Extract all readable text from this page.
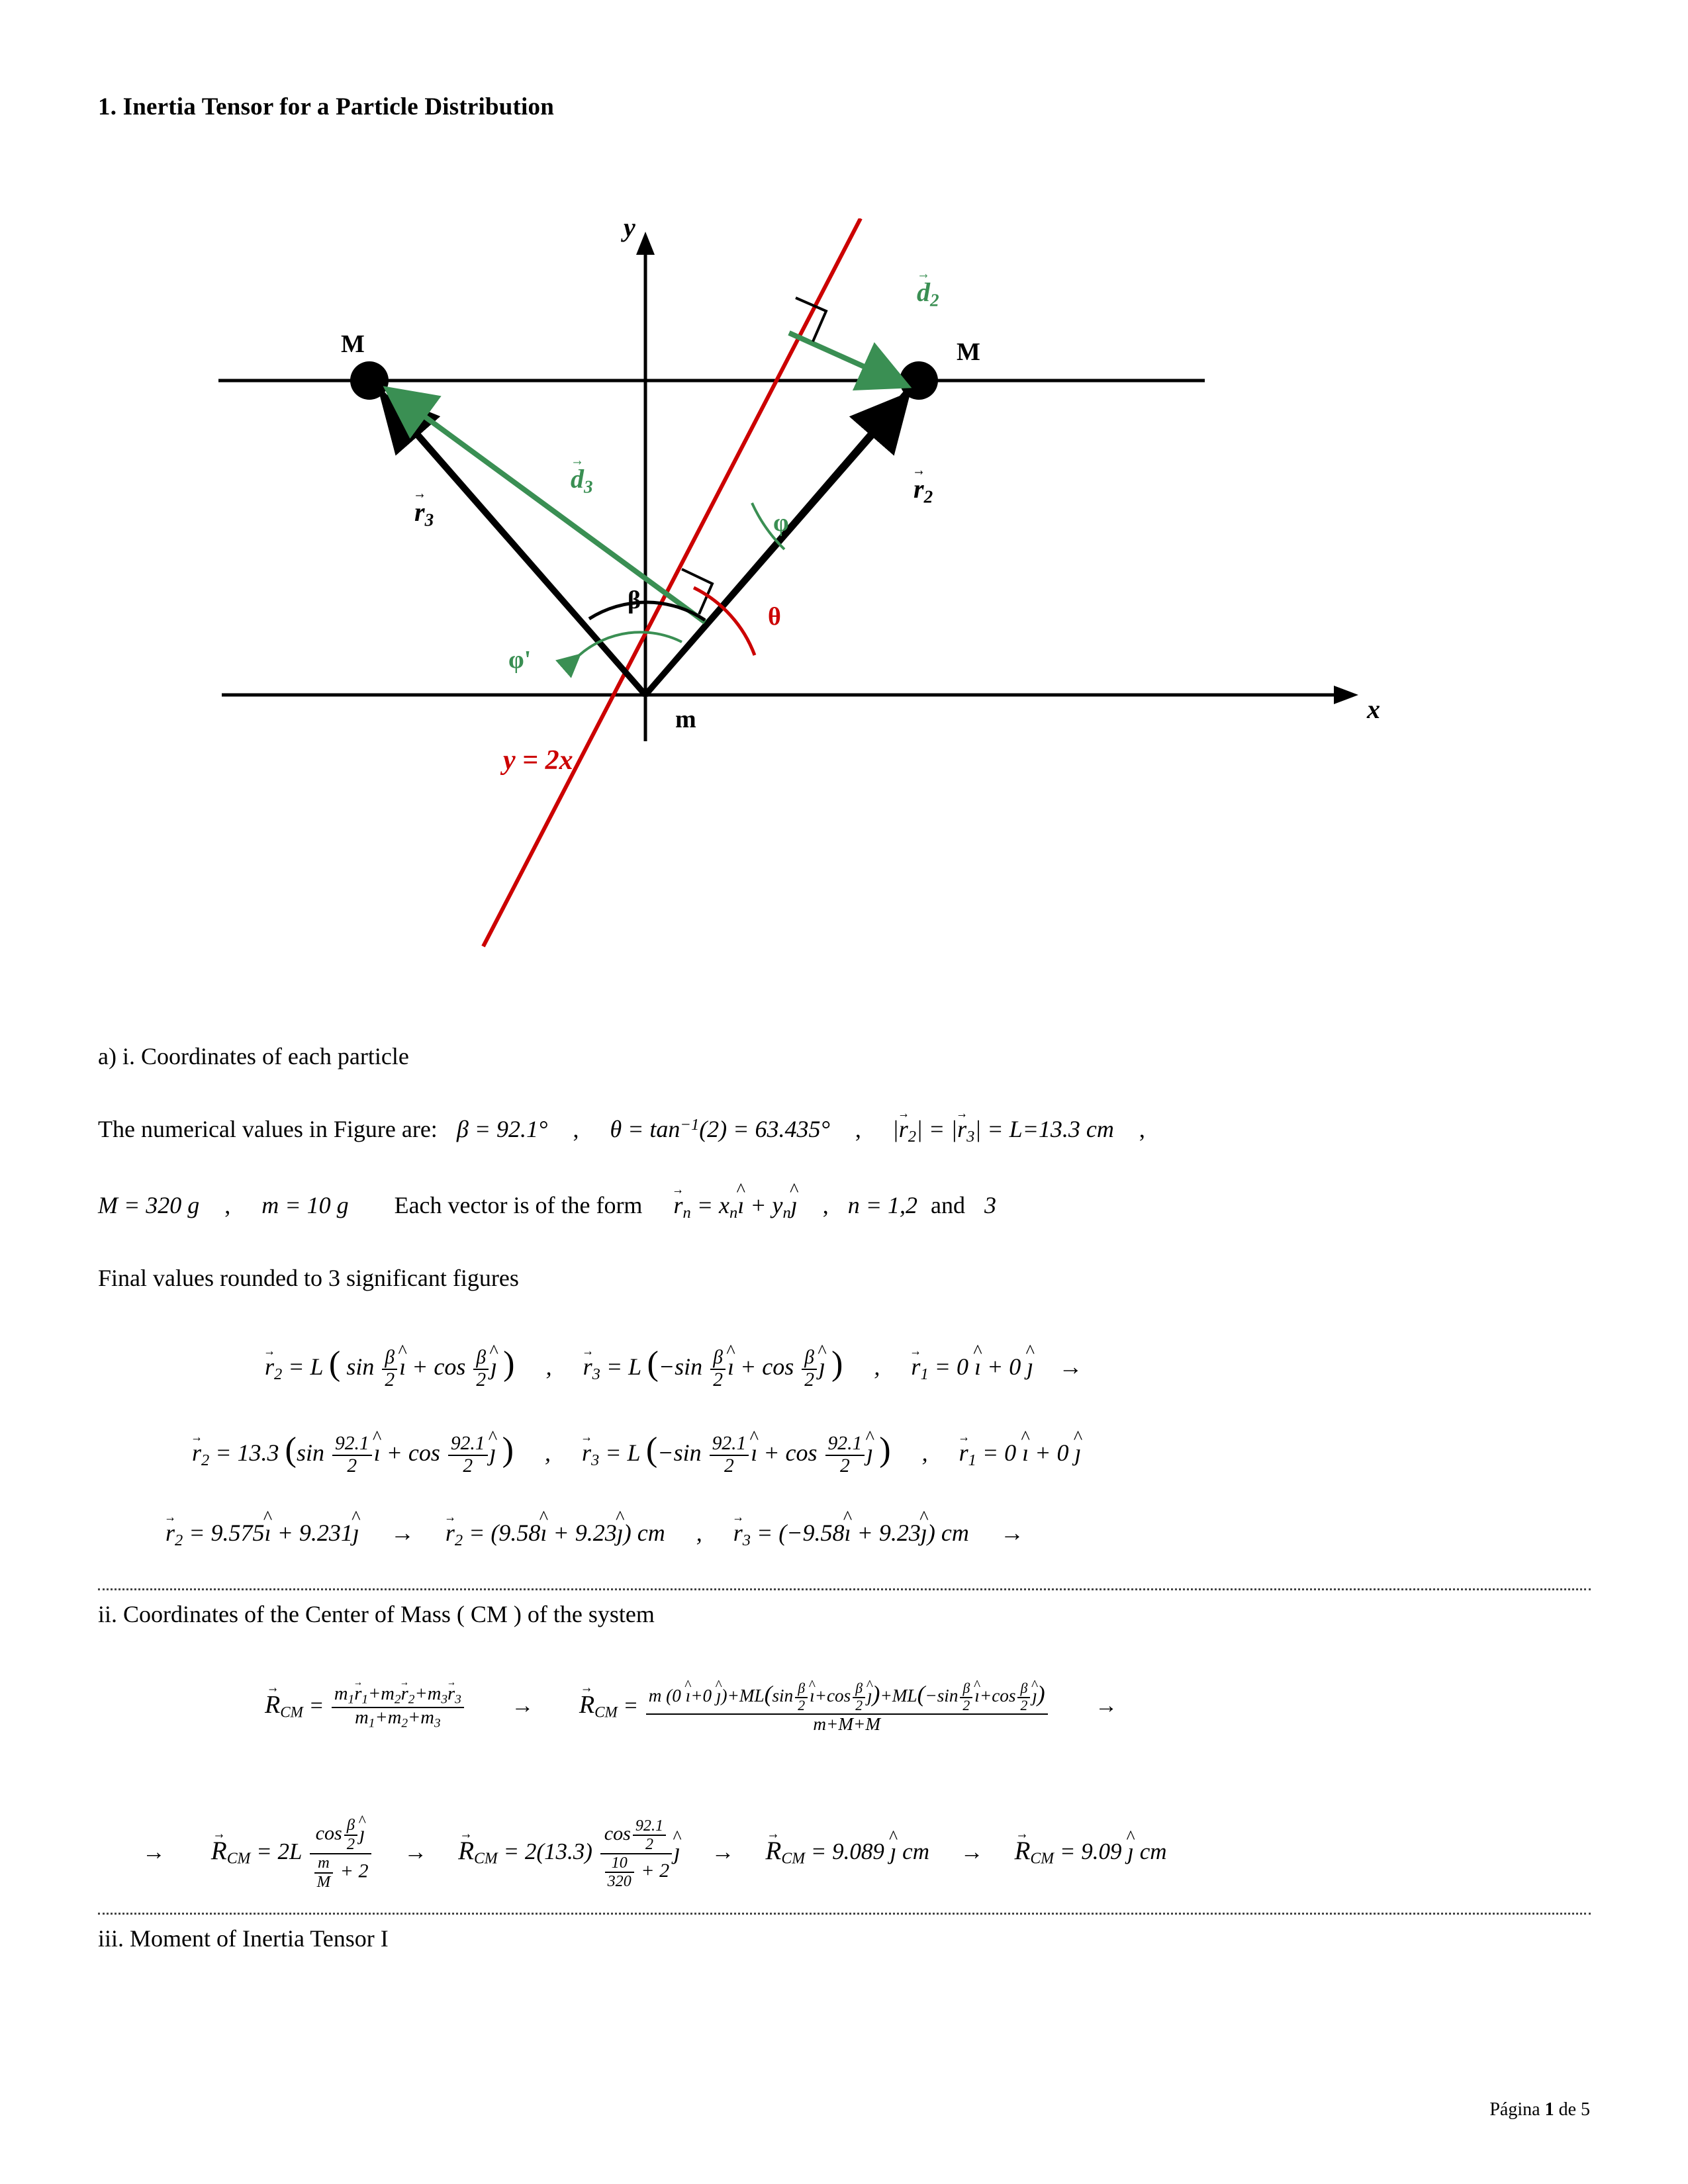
1. Inertia Tensor for a Particle Distribution
y
x
M	M
m
$r \to_2$
$r \to_3$
$d \to_2$
$d \to_3$
β
θ
φ
φ'
y = 2x
a) i. Coordinates of each particle
The numerical values in Figure are: β = 92.1° , $\theta = \tan^{-1}(2) = 63.435^\circ$ , $|r \to_2| = |r \to_3| = L=13.3$ cm ,
M = 320 g , m = 10 g Each vector is of the form $r \to_n$ = $x_nı$ ^ + $y_nȷ$ ^ , n = 1,2 and 3
Final values rounded to 3 significant figures
$r \to_2 = L$ ( $\sin \frac{\beta}{2}$ ı ^ + $\cos \frac{\beta}{2}$ ȷ ^ ) , $r \to_3 = L$ ($-\sin \frac{\beta}{2}$ ı ^ + $\cos \frac{\beta}{2}$ ȷ ^ ) , $r \to_1 = 0$ ı ^ + 0 ȷ ^ →
$r \to_2 = 13.3$ ($\sin \frac{92.1}{2}$ ı ^ + $\cos \frac{92.1}{2}$ ȷ ^ ) , $r \to_3 = L$ ($-\sin \frac{92.1}{2}$ ı ^ + $\cos \frac{92.1}{2}$ ȷ ^ ) , $r \to_1 = 0$ ı ^ + 0 ȷ ^
$r \to_2$ = 9.575ı ^ + 9.231ȷ ^ → $r \to_2$ = (9.58ı ^ + 9.23ȷ ^) cm , $r \to_3$ = (−9.58ı ^ + 9.23ȷ ^) cm →
ii. Coordinates of the Center of Mass ( CM ) of the system
$R \to_{CM} = \frac{m_1r \to_1+m_2r \to_2+m_3r \to_3}{m_1+m_2+m_3} \to R \to_{CM} = \frac{m (0 ı \^{}+0 ȷ \^{})+ML(\sin \frac{\beta}{2} ı \^{}+\cos \frac{\beta}{2} ȷ \^{})+ML(-\sin \frac{\beta}{2} ı \^{}+\cos \frac{\beta}{2} ȷ \^{})}{m+M+M}$ →
→ $R \to_{CM} = 2L \frac{\cos \frac{\beta}{2} ȷ \^{}}{\frac{m}{M} + 2} \to R \to_{CM} = 2(13.3) \frac{\cos \frac{92.1}{2}}{\frac{10}{320} + 2}$ ȷ ^ → $R \to_{CM} = 9.089$ ȷ ^ cm → $R \to_{CM} = 9.09$ ȷ ^ cm
iii. Moment of Inertia Tensor I
Página 1 de 5
